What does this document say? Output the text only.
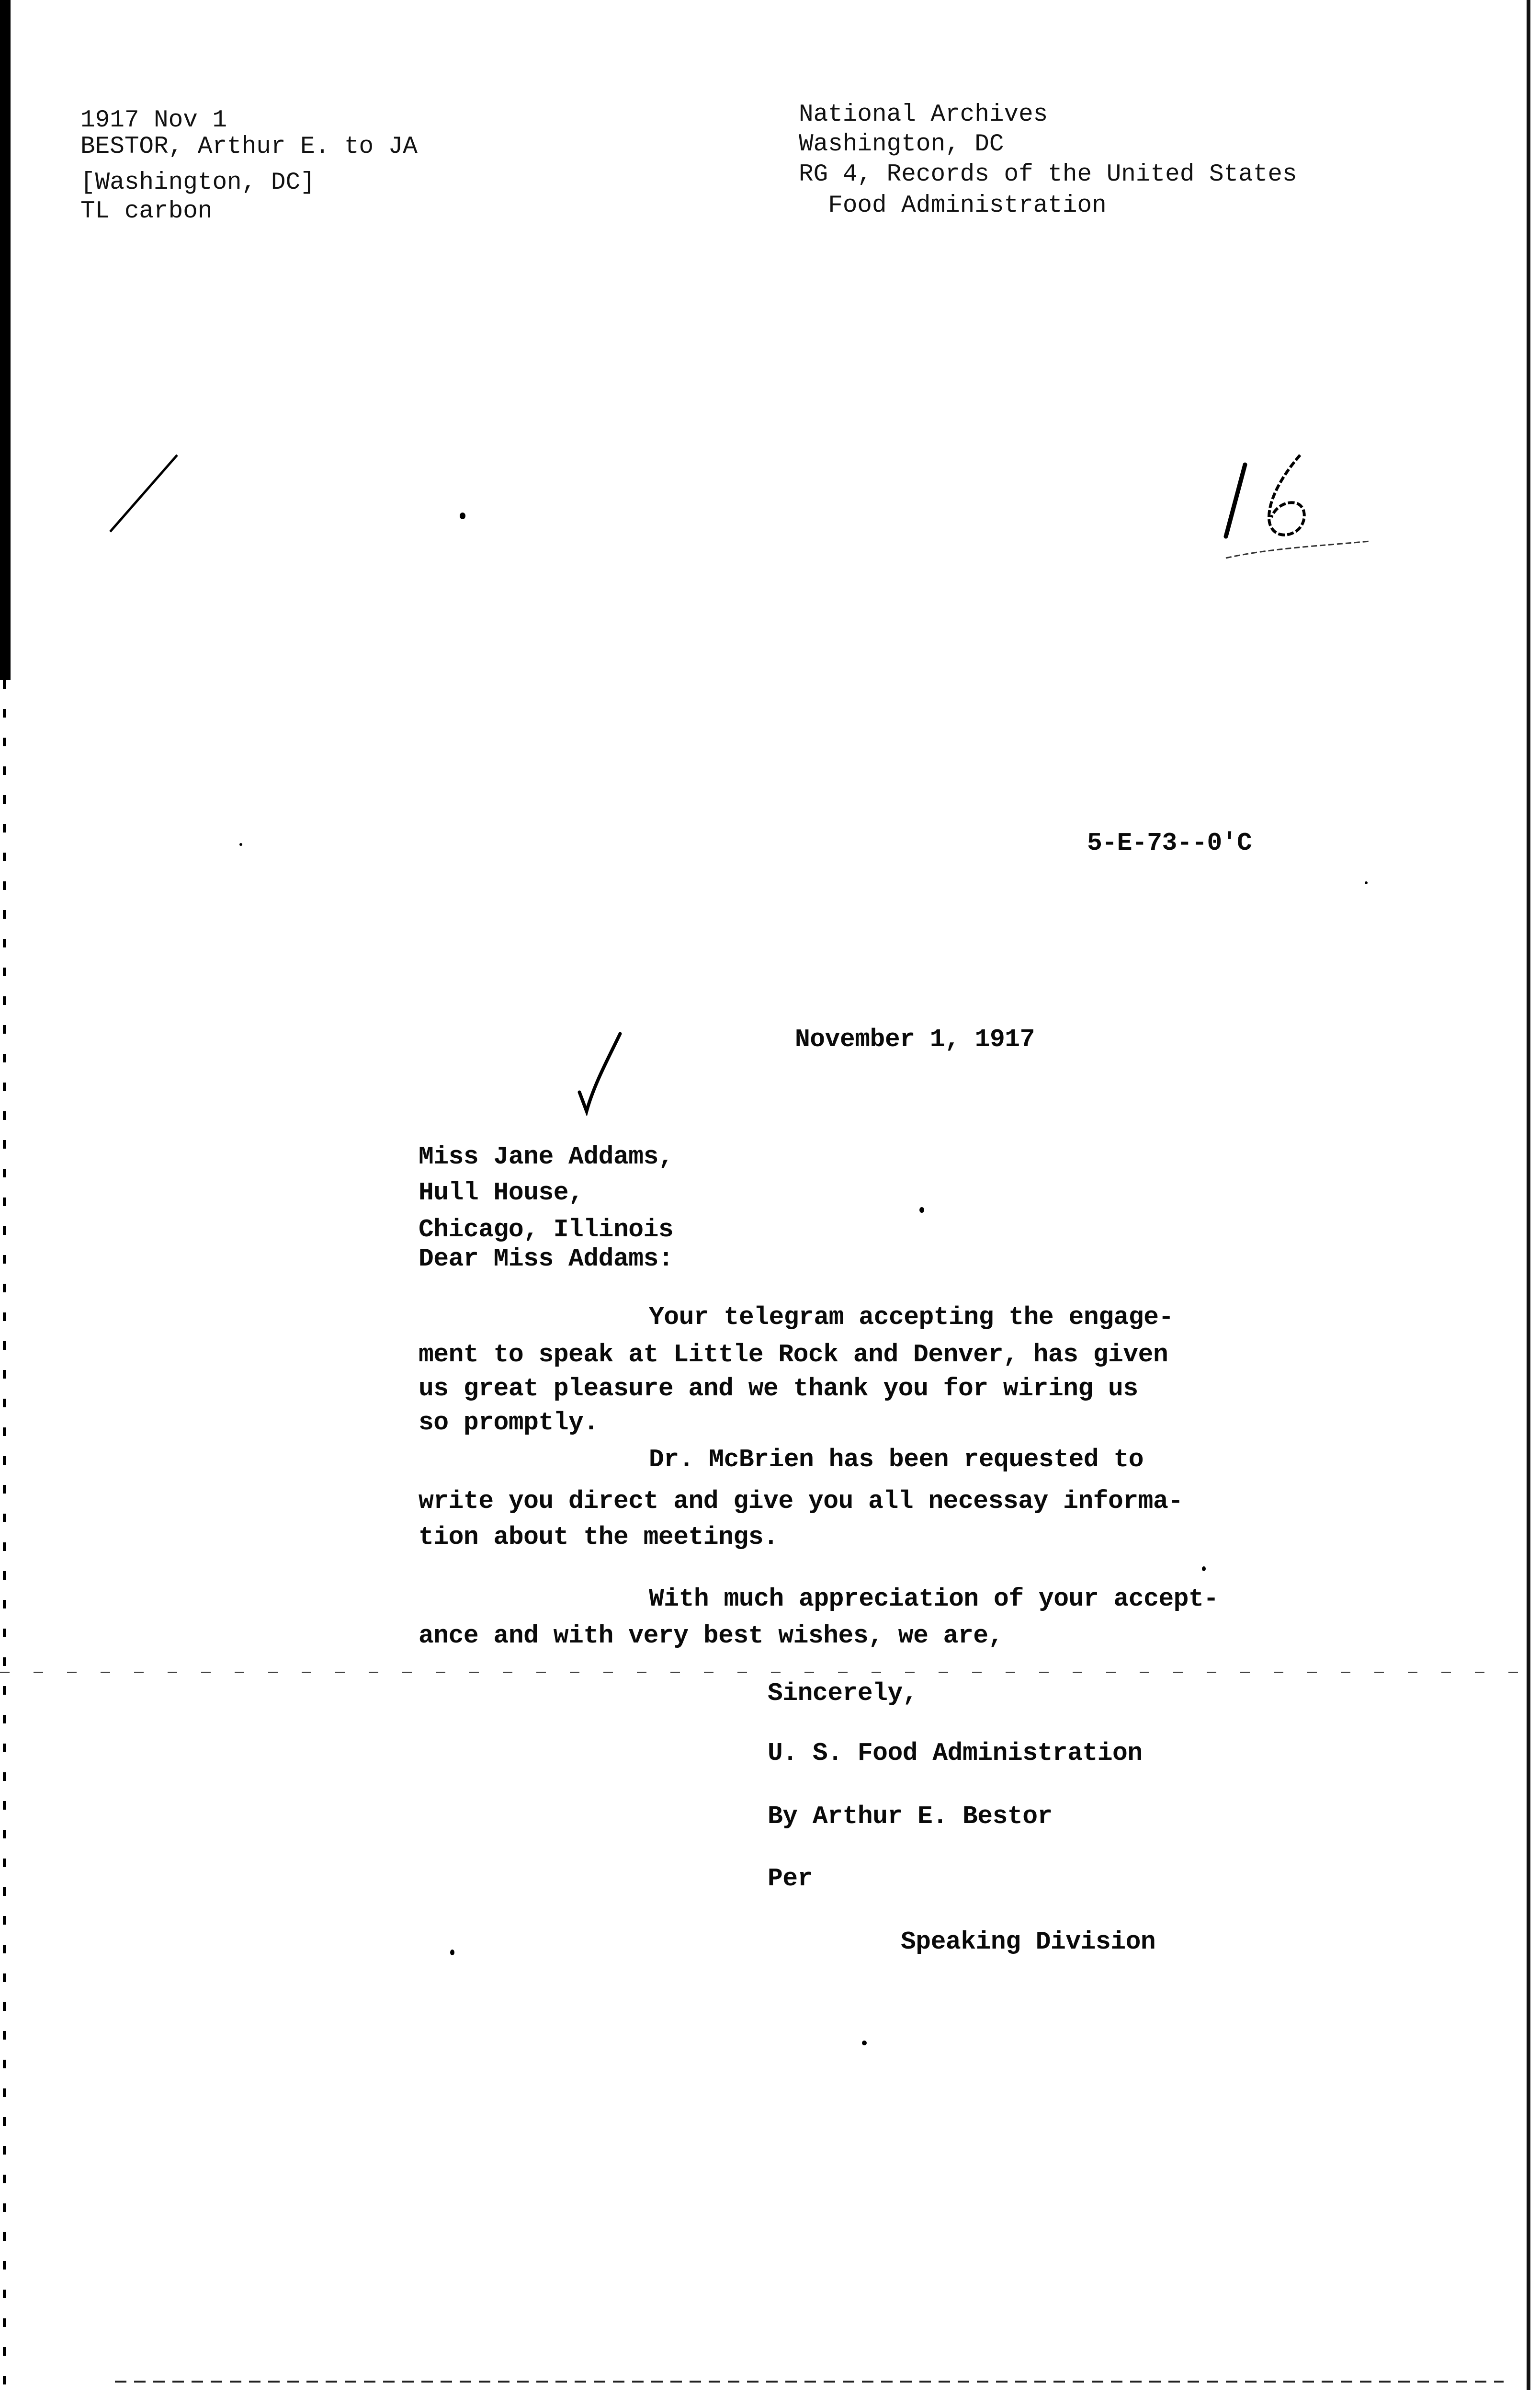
1917 Nov 1
BESTOR, Arthur E. to JA
[Washington, DC]
TL carbon
National Archives
Washington, DC
RG 4, Records of the United States
Food Administration
5-E-73--0'C
November 1, 1917
Miss Jane Addams,
Hull House,
Chicago, Illinois
Dear Miss Addams:
Your telegram accepting the engage-
ment to speak at Little Rock and Denver, has given
us great pleasure and we thank you for wiring us
so promptly.
Dr. McBrien has been requested to
write you direct and give you all necessay informa-
tion about the meetings.
With much appreciation of your accept-
ance and with very best wishes, we are,
Sincerely,
U. S. Food Administration
By Arthur E. Bestor
Per
Speaking Division
